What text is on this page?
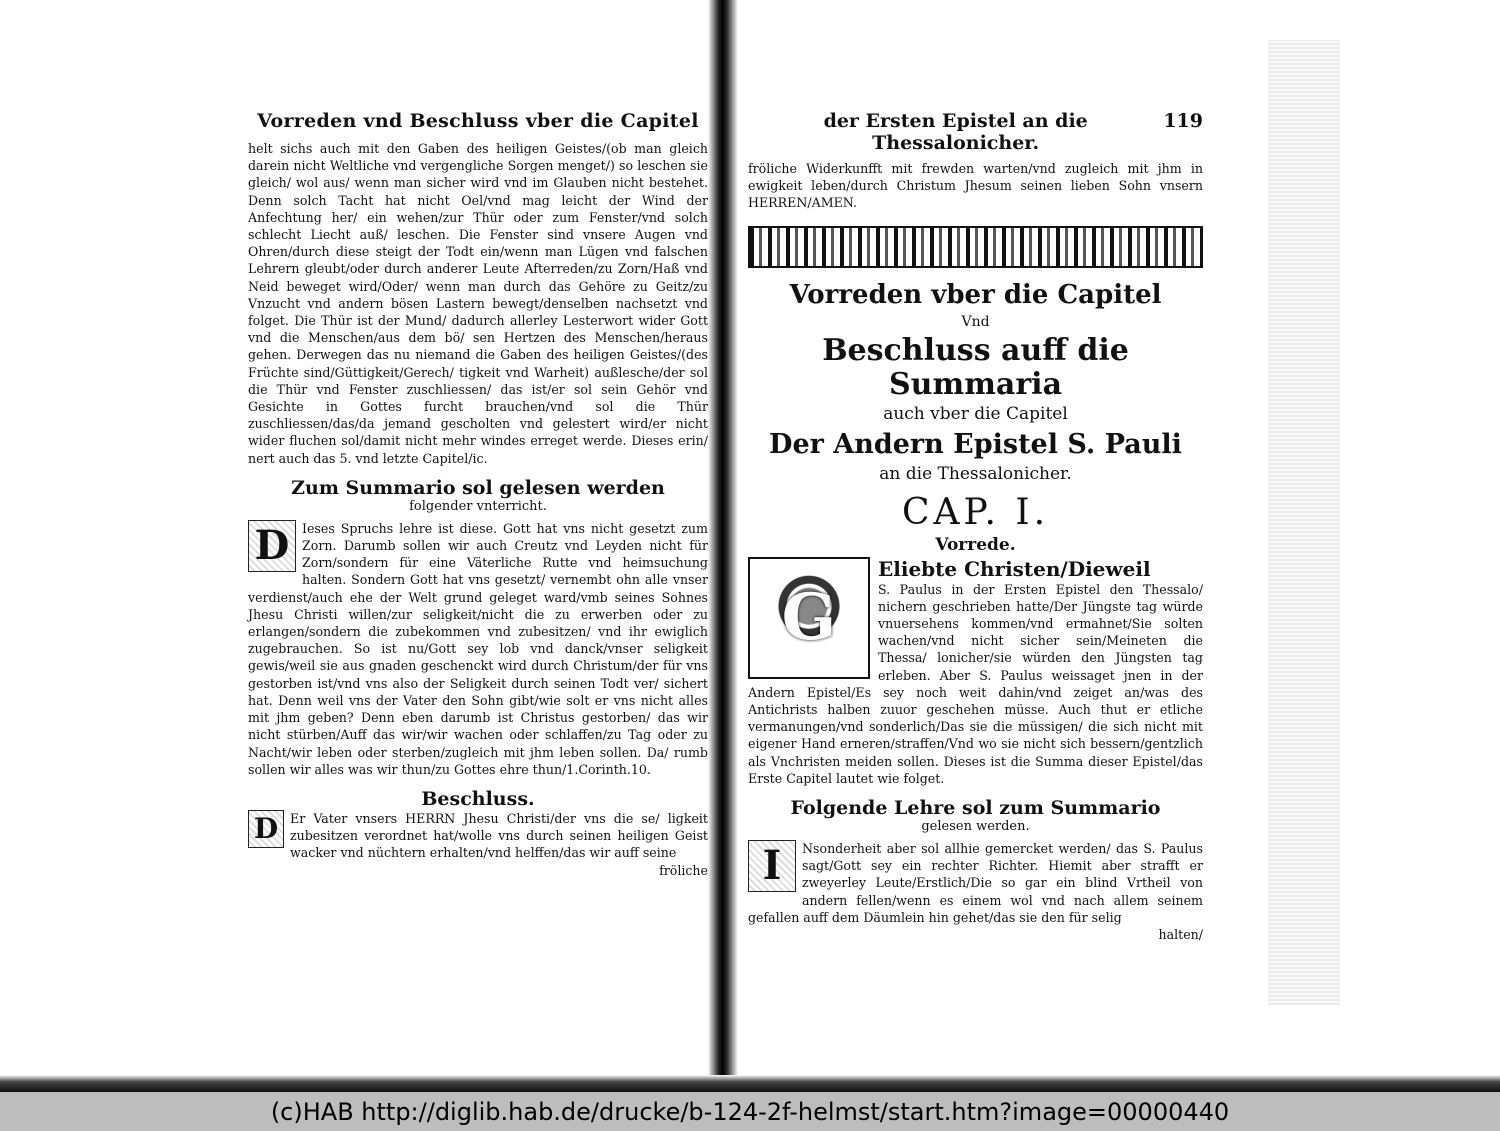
Vorreden vnd Beschluss vber die Capitel

helt sichs auch mit den Gaben des heiligen Geistes/(ob man gleich darein nicht Weltliche vnd vergengliche Sorgen menget/) so leschen sie gleich/ wol aus/ wenn man sicher wird vnd im Glauben nicht bestehet. Denn solch Tacht hat nicht Oel/vnd mag leicht der Wind der Anfechtung her/ ein wehen/zur Thür oder zum Fenster/vnd solch schlecht Liecht auß/ leschen. Die Fenster sind vnsere Augen vnd Ohren/durch diese steigt der Todt ein/wenn man Lügen vnd falschen Lehrern gleubt/oder durch anderer Leute Afterreden/zu Zorn/Haß vnd Neid beweget wird/Oder/ wenn man durch das Gehöre zu Geitz/zu Vnzucht vnd andern bösen Lastern bewegt/denselben nachsetzt vnd folget. Die Thür ist der Mund/ dadurch allerley Lesterwort wider Gott vnd die Menschen/aus dem bö/ sen Hertzen des Menschen/heraus gehen. Derwegen das nu niemand die Gaben des heiligen Geistes/(des Früchte sind/Güttigkeit/Gerech/ tigkeit vnd Warheit) außlesche/der sol die Thür vnd Fenster zuschliessen/ das ist/er sol sein Gehör vnd Gesichte in Gottes furcht brauchen/vnd sol die Thür zuschliessen/das/da jemand gescholten vnd gelestert wird/er nicht wider fluchen sol/damit nicht mehr windes erreget werde. Dieses erin/ nert auch das 5. vnd letzte Capitel/ic.

Zum Summario sol gelesen werden
folgender vnterricht.

D	Ieses Spruchs lehre ist diese. Gott hat vns nicht gesetzt zum Zorn. Darumb sollen wir auch Creutz vnd Leyden nicht für Zorn/sondern für eine Väterliche Rutte vnd heimsuchung halten. Sondern Gott hat vns gesetzt/ vernembt ohn alle vnser verdienst/auch ehe der Welt grund geleget ward/vmb seines Sohnes Jhesu Christi willen/zur seligkeit/nicht die zu erwerben oder zu erlangen/sondern die zubekommen vnd zubesitzen/ vnd ihr ewiglich zugebrauchen. So ist nu/Gott sey lob vnd danck/vnser seligkeit gewis/weil sie aus gnaden geschenckt wird durch Christum/der für vns gestorben ist/vnd vns also der Seligkeit durch seinen Todt ver/ sichert hat. Denn weil vns der Vater den Sohn gibt/wie solt er vns nicht alles mit jhm geben? Denn eben darumb ist Christus gestorben/ das wir nicht stürben/Auff das wir/wir wachen oder schlaffen/zu Tag oder zu Nacht/wir leben oder sterben/zugleich mit jhm leben sollen. Da/ rumb sollen wir alles was wir thun/zu Gottes ehre thun/1.Corinth.10.

Beschluss.

D Er Vater vnsers HERRN Jhesu Christi/der vns die se/ ligkeit zubesitzen verordnet hat/wolle vns durch seinen heiligen Geist wacker vnd nüchtern erhalten/vnd helffen/das wir auff seine

fröliche

der Ersten Epistel an die Thessalonicher.
119

fröliche Widerkunfft mit frewden warten/vnd zugleich mit jhm in ewigkeit leben/durch Christum Jhesum seinen lieben Sohn vnsern HERREN/AMEN.

Vorreden vber die Capitel
Vnd
Beschluss auff die Summaria
auch vber die Capitel
Der Andern Epistel S. Pauli
an die Thessalonicher.
CAP. I.
Vorrede.
G
Eliebte Christen/Dieweil
S. Paulus in der Ersten Epistel den Thessalo/ nichern geschrieben hatte/Der Jüngste tag würde vnuersehens kommen/vnd ermahnet/Sie solten wachen/vnd nicht sicher sein/Meineten die Thessa/ lonicher/sie würden den Jüngsten tag erleben. Aber S. Paulus weissaget jnen in der Andern Epistel/Es sey noch weit dahin/vnd zeiget an/was des Antichrists halben zuuor geschehen müsse. Auch thut er etliche vermanungen/vnd sonderlich/Das sie die müssigen/ die sich nicht mit eigener Hand erneren/straffen/Vnd wo sie nicht sich bessern/gentzlich als Vnchristen meiden sollen. Dieses ist die Summa dieser Epistel/das Erste Capitel lautet wie folget.
Folgende Lehre sol zum Summario
gelesen werden.

I	Nsonderheit aber sol allhie gemercket werden/ das S. Paulus sagt/Gott sey ein rechter Richter. Hiemit aber strafft er zweyerley Leute/Erstlich/Die so gar ein blind Vrtheil von andern fellen/wenn es einem wol vnd nach allem seinem gefallen auff dem Däumlein hin gehet/das sie den für selig

halten/

(c)HAB http://diglib.hab.de/drucke/b-124-2f-helmst/start.htm?image=00000440
